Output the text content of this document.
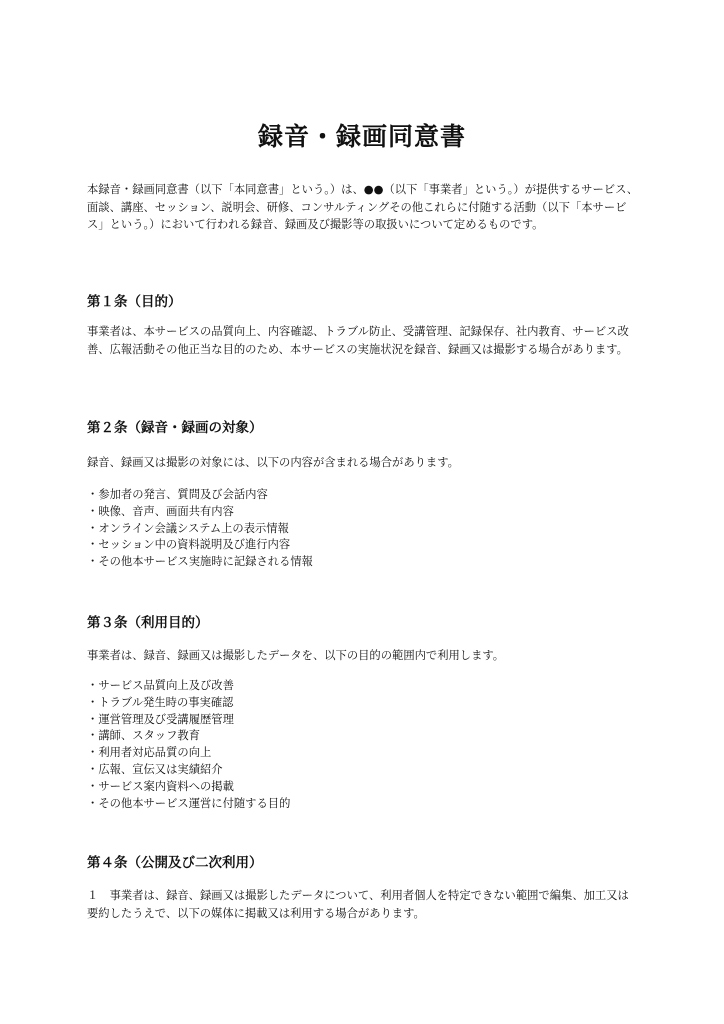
録音・録画同意書

本録音・録画同意書（以下「本同意書」という。）は、●●（以下「事業者」という。）が提供するサービス、面談、講座、セッション、説明会、研修、コンサルティングその他これらに付随する活動（以下「本サービス」という。）において行われる録音、録画及び撮影等の取扱いについて定めるものです。

第１条（目的）

事業者は、本サービスの品質向上、内容確認、トラブル防止、受講管理、記録保存、社内教育、サービス改善、広報活動その他正当な目的のため、本サービスの実施状況を録音、録画又は撮影する場合があります。

第２条（録音・録画の対象）

録音、録画又は撮影の対象には、以下の内容が含まれる場合があります。

・ 参加者の発言、質問及び会話内容
・ 映像、音声、画面共有内容
・ オンライン会議システム上の表示情報
・ セッション中の資料説明及び進行内容
・ その他本サービス実施時に記録される情報
第３条（利用目的）

事業者は、録音、録画又は撮影したデータを、以下の目的の範囲内で利用します。

・ サービス品質向上及び改善
・ トラブル発生時の事実確認
・ 運営管理及び受講履歴管理
・ 講師、スタッフ教育
・ 利用者対応品質の向上
・ 広報、宣伝又は実績紹介
・ サービス案内資料への掲載
・ その他本サービス運営に付随する目的
第４条（公開及び二次利用）

１　事業者は、録音、録画又は撮影したデータについて、利用者個人を特定できない範囲で編集、加工又は要約したうえで、以下の媒体に掲載又は利用する場合があります。
